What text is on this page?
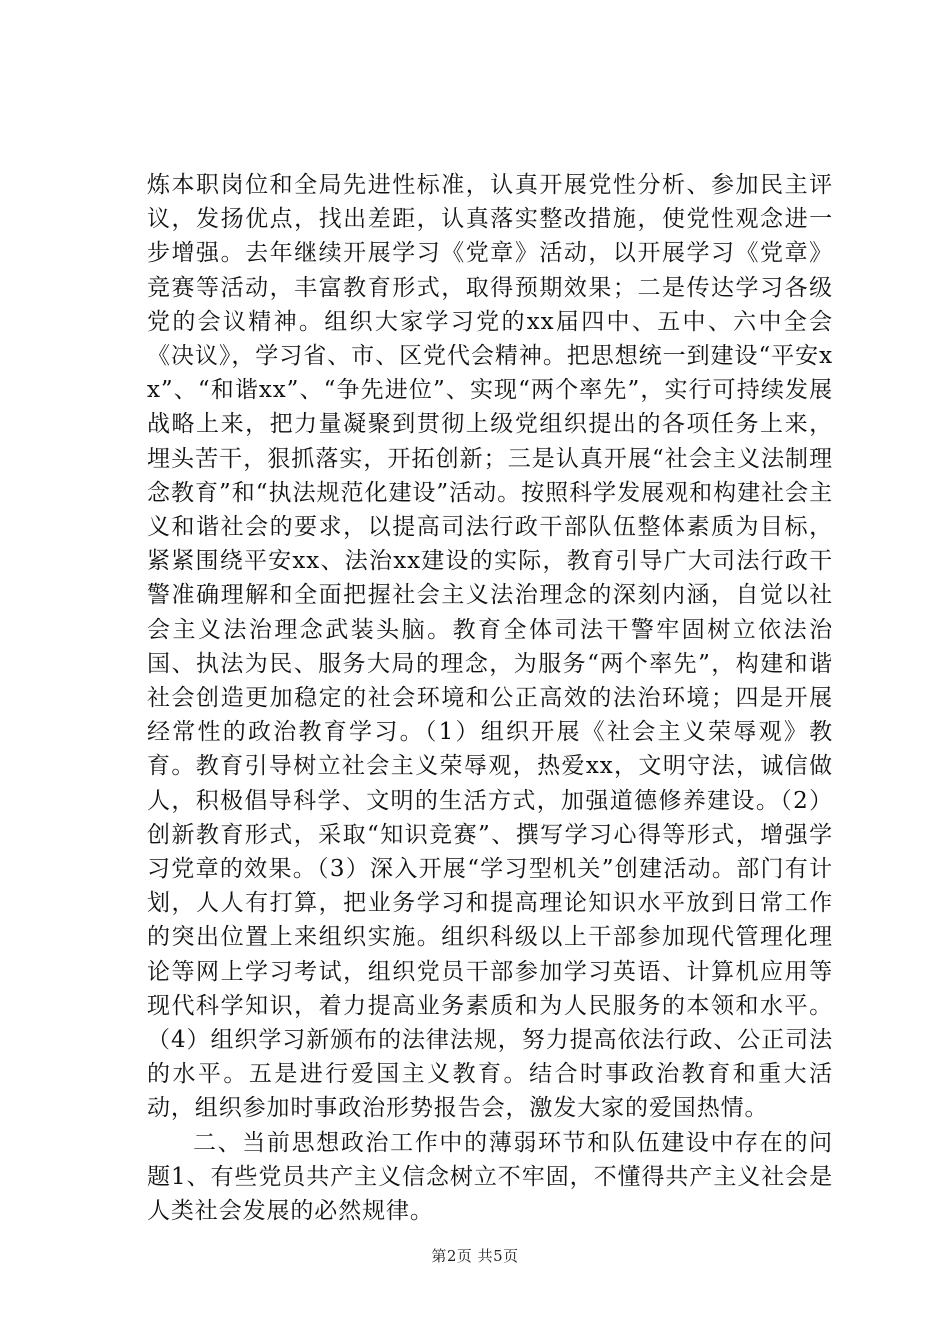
炼本职岗位和全局先进性标准，认真开展党性分析、参加民主评议，发扬优点，找出差距，认真落实整改措施，使党性观念进一步增强。去年继续开展学习《党章》活动，以开展学习《党章》竞赛等活动，丰富教育形式，取得预期效果；二是传达学习各级党的会议精神。组织大家学习党的xx届四中、五中、六中全会《决议》，学习省、市、区党代会精神。把思想统一到建设“平安xx”、“和谐xx”、“争先进位”、实现“两个率先”，实行可持续发展战略上来，把力量凝聚到贯彻上级党组织提出的各项任务上来，埋头苦干，狠抓落实，开拓创新；三是认真开展“社会主义法制理念教育”和“执法规范化建设”活动。按照科学发展观和构建社会主义和谐社会的要求，以提高司法行政干部队伍整体素质为目标，紧紧围绕平安xx、法治xx建设的实际，教育引导广大司法行政干警准确理解和全面把握社会主义法治理念的深刻内涵，自觉以社会主义法治理念武装头脑。教育全体司法干警牢固树立依法治国、执法为民、服务大局的理念，为服务“两个率先”，构建和谐社会创造更加稳定的社会环境和公正高效的法治环境；四是开展经常性的政治教育学习。（1）组织开展《社会主义荣辱观》教育。教育引导树立社会主义荣辱观，热爱xx，文明守法，诚信做人，积极倡导科学、文明的生活方式，加强道德修养建设。（2）创新教育形式，采取“知识竞赛”、撰写学习心得等形式，增强学习党章的效果。（3）深入开展“学习型机关”创建活动。部门有计划，人人有打算，把业务学习和提高理论知识水平放到日常工作的突出位置上来组织实施。组织科级以上干部参加现代管理化理论等网上学习考试，组织党员干部参加学习英语、计算机应用等现代科学知识，着力提高业务素质和为人民服务的本领和水平。（4）组织学习新颁布的法律法规，努力提高依法行政、公正司法的水平。五是进行爱国主义教育。结合时事政治教育和重大活动，组织参加时事政治形势报告会，激发大家的爱国热情。

二、当前思想政治工作中的薄弱环节和队伍建设中存在的问题1、有些党员共产主义信念树立不牢固，不懂得共产主义社会是人类社会发展的必然规律。

第2页 共5页
